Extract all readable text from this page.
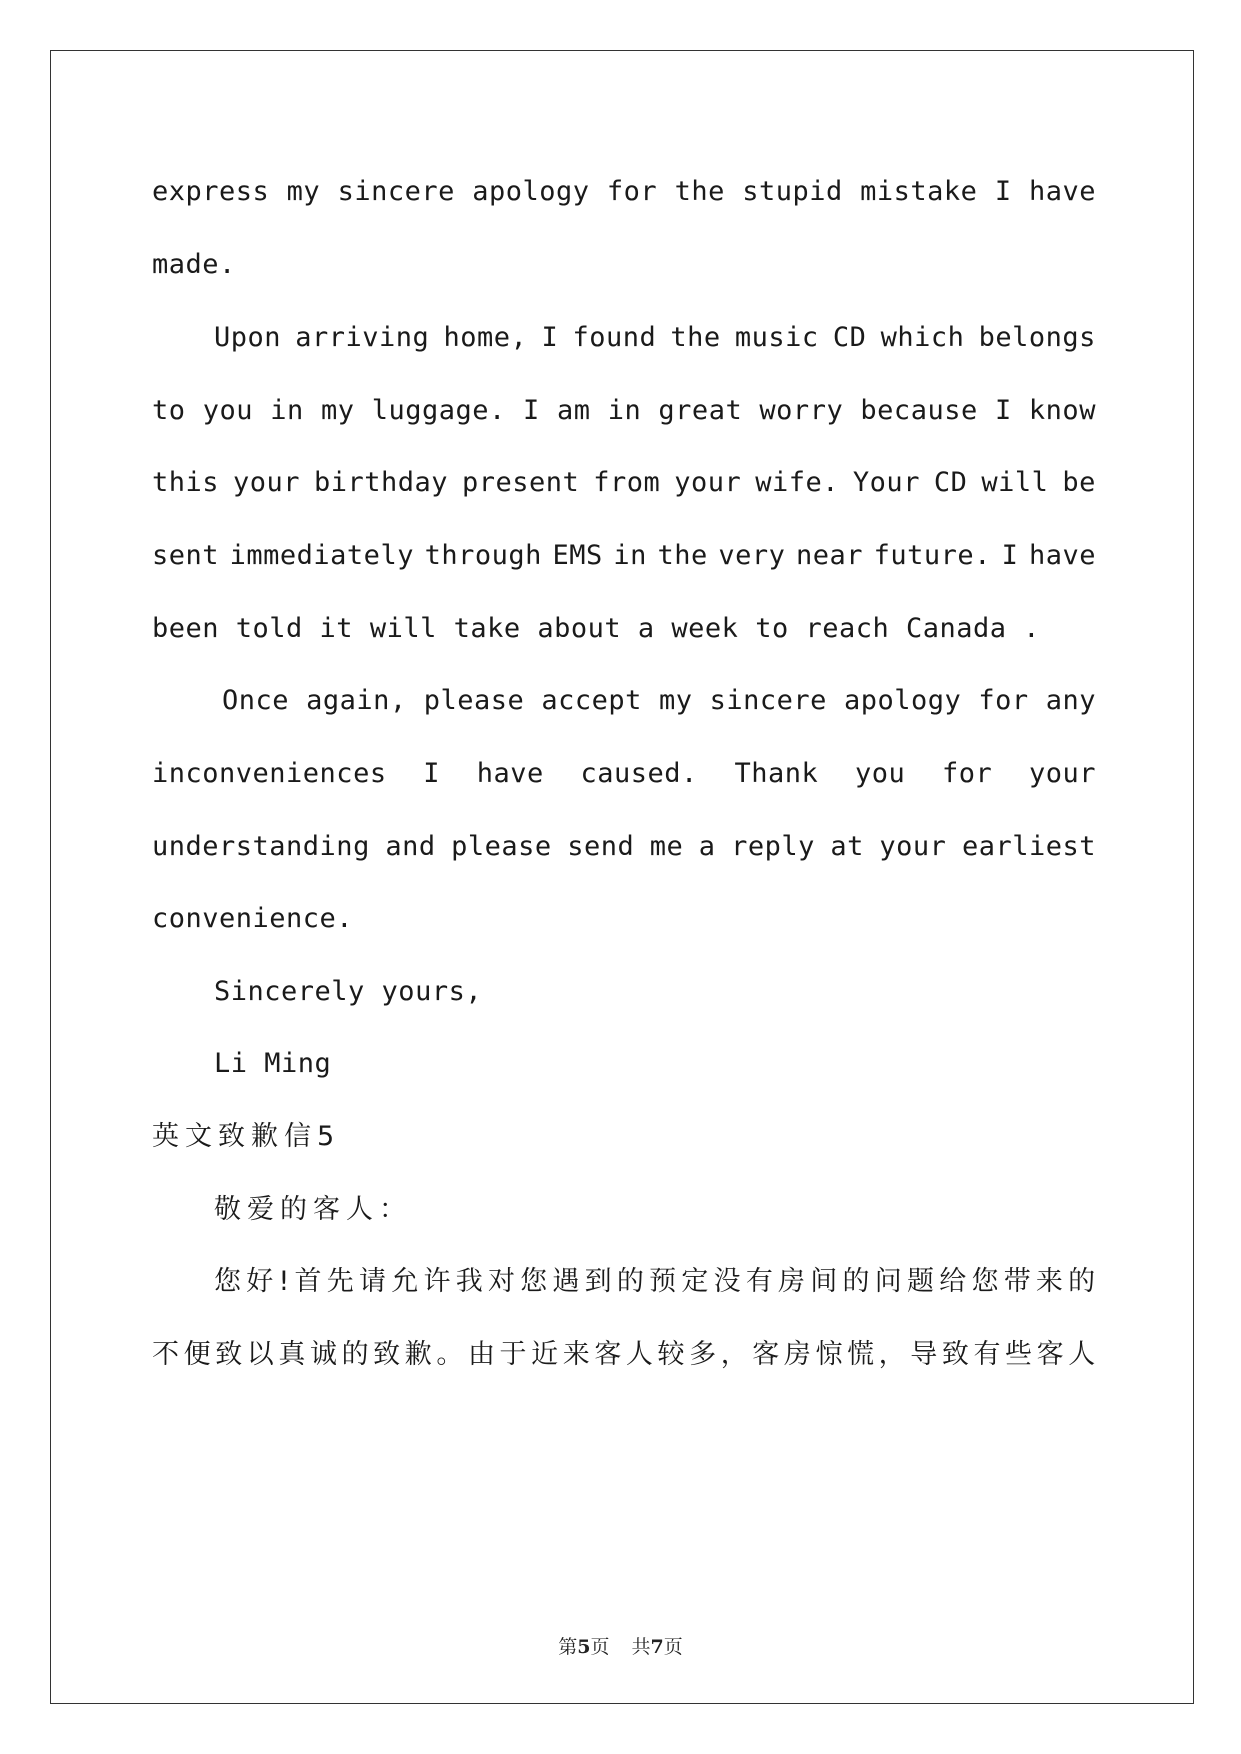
express my sincere apology for the stupid mistake I have
made.
Upon arriving home, I found the music CD which belongs
to you in my luggage. I am in great worry because I know
this your birthday present from your wife. Your CD will be
sent immediately through EMS in the very near future. I have
been told it will take about a week to reach Canada .
Once again, please accept my sincere apology for any
inconveniences I have caused. Thank you for your
understanding and please send me a reply at your earliest
convenience.
Sincerely yours,
Li Ming
英文致歉信5
敬爱的客人：
您 好 ! 首 先 请 允 许 我 对 您 遇 到 的 预 定 没 有 房 间 的 问 题 给 您 带 来 的
不 便 致 以 真 诚 的 致 歉 。 由 于 近 来 客 人 较 多 ， 客 房 惊 慌 ， 导 致 有 些 客 人
第5页 共7页
